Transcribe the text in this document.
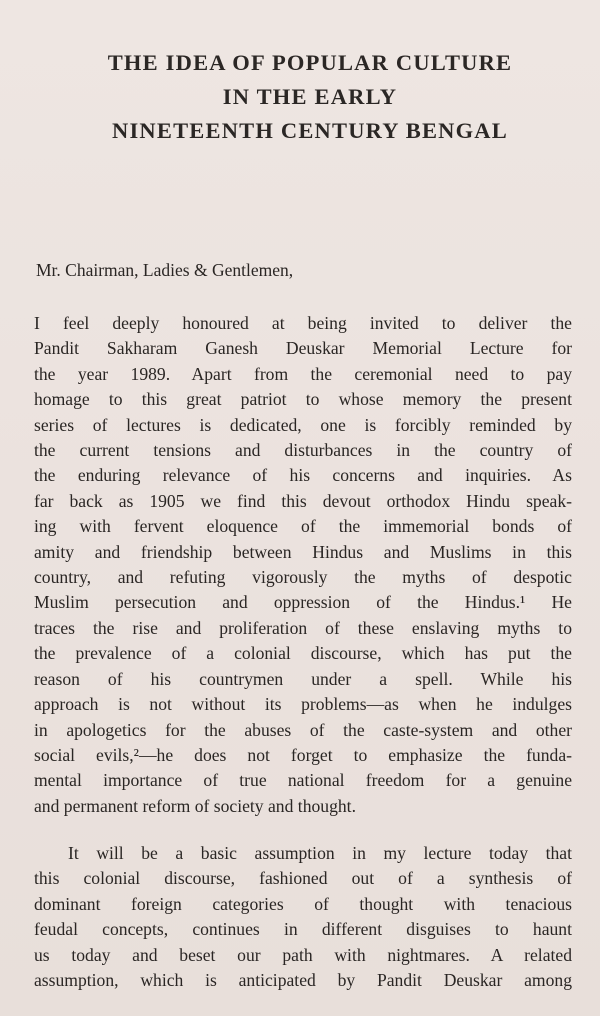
THE IDEA OF POPULAR CULTURE
IN THE EARLY
NINETEENTH CENTURY BENGAL

Mr. Chairman, Ladies & Gentlemen,

I feel deeply honoured at being invited to deliver the
Pandit Sakharam Ganesh Deuskar Memorial Lecture for
the year 1989. Apart from the ceremonial need to pay
homage to this great patriot to whose memory the present
series of lectures is dedicated, one is forcibly reminded by
the current tensions and disturbances in the country of
the enduring relevance of his concerns and inquiries. As
far back as 1905 we find this devout orthodox Hindu speak-
ing with fervent eloquence of the immemorial bonds of
amity and friendship between Hindus and Muslims in this
country, and refuting vigorously the myths of despotic
Muslim persecution and oppression of the Hindus.¹ He
traces the rise and proliferation of these enslaving myths to
the prevalence of a colonial discourse, which has put the
reason of his countrymen under a spell. While his
approach is not without its problems—as when he indulges
in apologetics for the abuses of the caste-system and other
social evils,²—he does not forget to emphasize the funda-
mental importance of true national freedom for a genuine
and permanent reform of society and thought.
It will be a basic assumption in my lecture today that
this colonial discourse, fashioned out of a synthesis of
dominant foreign categories of thought with tenacious
feudal concepts, continues in different disguises to haunt
us today and beset our path with nightmares. A related
assumption, which is anticipated by Pandit Deuskar among
